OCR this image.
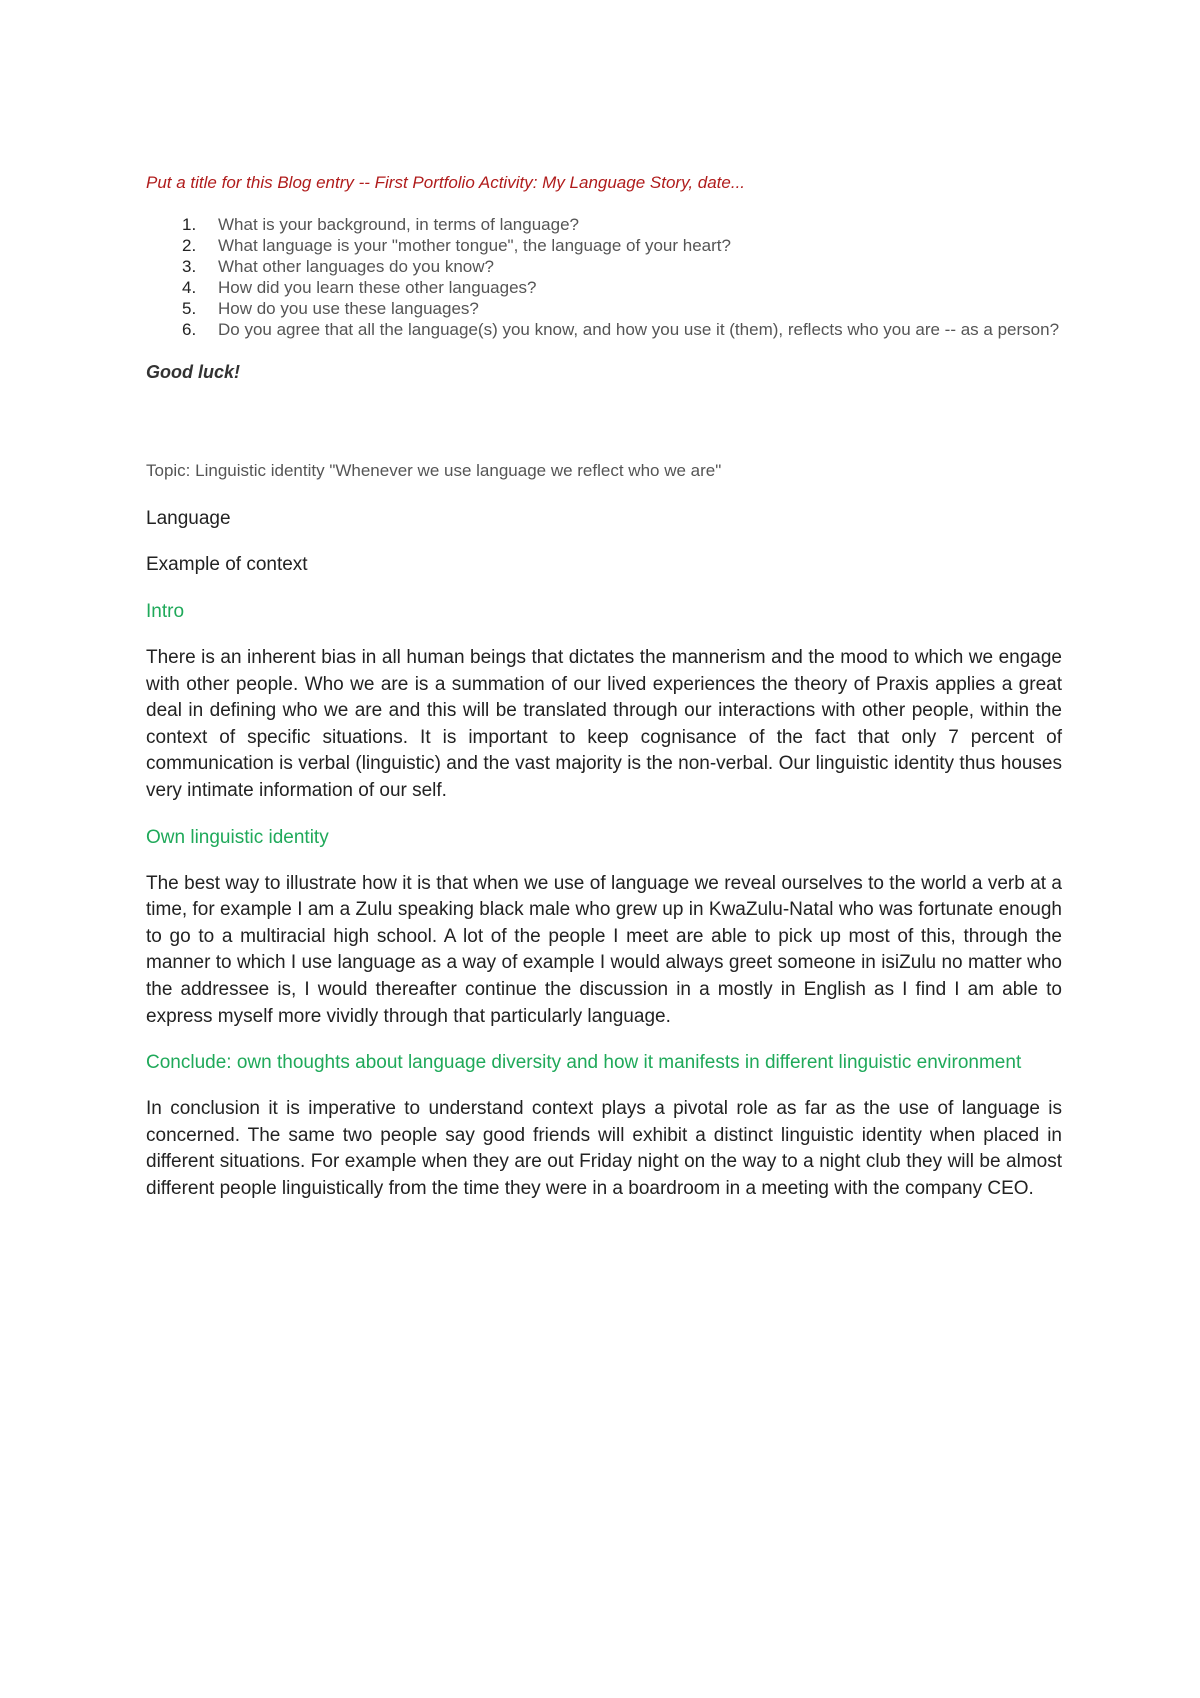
Put a title for this Blog entry -- First Portfolio Activity: My Language Story, date...

1.	What is your background, in terms of language?
2.	What language is your "mother tongue", the language of your heart?
3.	What other languages do you know?
4.	How did you learn these other languages?
5.	How do you use these languages?
6.	Do you agree that all the language(s) you know, and how you use it (them), reflects who you are -- as a person?

Good luck!

Topic: Linguistic identity "Whenever we use language we reflect who we are"

Language

Example of context

Intro

There is an inherent bias in all human beings that dictates the mannerism and the mood to which we engage with other people. Who we are is a summation of our lived experiences the theory of Praxis applies a great deal in defining who we are and this will be translated through our interactions with other people, within the context of specific situations. It is important to keep cognisance of the fact that only 7 percent of communication is verbal (linguistic) and the vast majority is the non-verbal. Our linguistic identity thus houses very intimate information of our self.

Own linguistic identity

The best way to illustrate how it is that when we use of language we reveal ourselves to the world a verb at a time, for example I am a Zulu speaking black male who grew up in KwaZulu-Natal who was fortunate enough to go to a multiracial high school. A lot of the people I meet are able to pick up most of this, through the manner to which I use language as a way of example I would always greet someone in isiZulu no matter who the addressee is, I would thereafter continue the discussion in a mostly in English as I find I am able to express myself more vividly through that particularly language.

Conclude: own thoughts about language diversity and how it manifests in different linguistic environment

In conclusion it is imperative to understand context plays a pivotal role as far as the use of language is concerned. The same two people say good friends will exhibit a distinct linguistic identity when placed in different situations. For example when they are out Friday night on the way to a night club they will be almost different people linguistically from the time they were in a boardroom in a meeting with the company CEO.
